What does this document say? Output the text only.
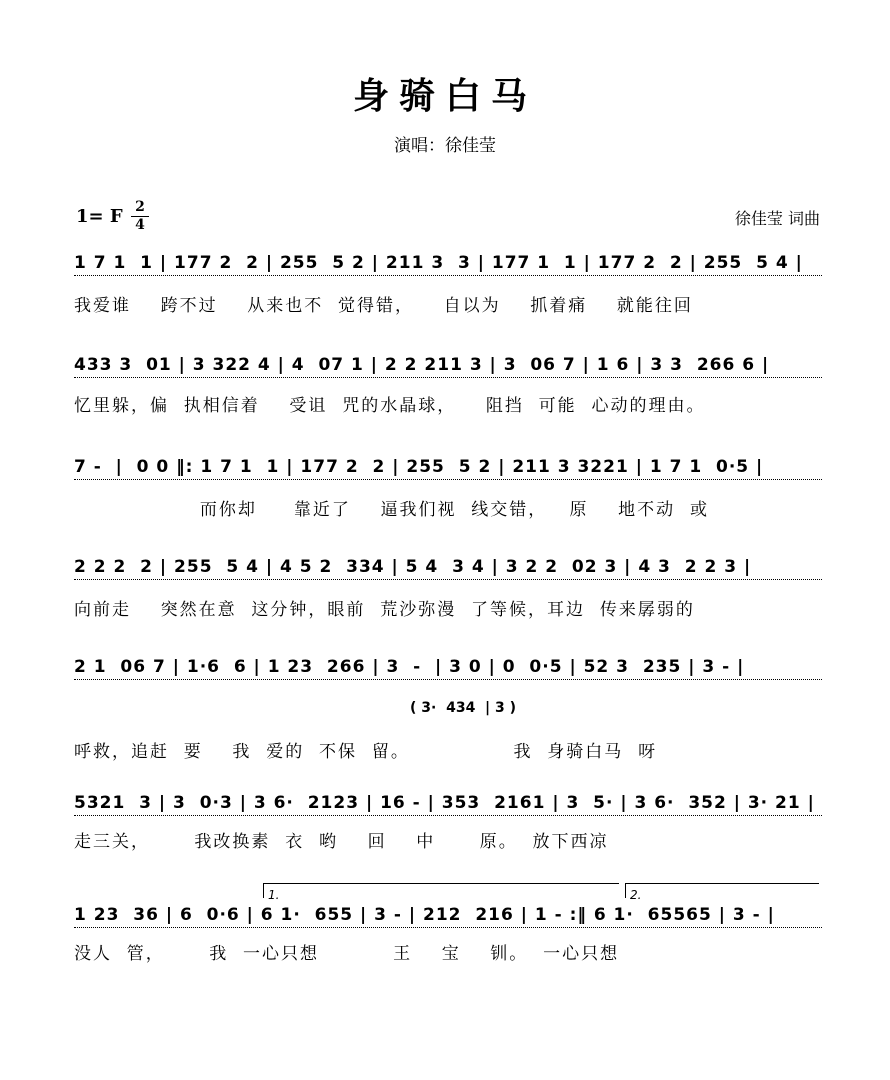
身骑白马
演唱：徐佳莹
徐佳莹 词曲
1= F 2
4
1 7 1  1 | 177 2  2 | 255  5 2 | 211 3  3 | 177 1  1 | 177 2  2 | 255  5 4 |
我爱谁    跨不过    从来也不  觉得错，    自以为    抓着痛    就能往回
433 3  01 | 3 322 4 | 4  07 1 | 2 2 211 3 | 3  06 7 | 1 6 | 3 3  266 6 |
忆里躲，偏  执相信着    受诅  咒的水晶球，    阻挡  可能  心动的理由。
7 -  |  0 0 ‖: 1 7 1  1 | 177 2  2 | 255  5 2 | 211 3 3221 | 1 7 1  0·5 |
而你却     靠近了    逼我们视  线交错，   原    地不动  或
2 2 2  2 | 255  5 4 | 4 5 2  334 | 5 4  3 4 | 3 2 2  02 3 | 4 3  2 2 3 |
向前走    突然在意  这分钟，眼前  荒沙弥漫  了等候，耳边  传来孱弱的
2 1  06 7 | 1·6  6 | 1 23  266 | 3  -  | 3 0 | 0  0·5 | 52 3  235 | 3 - |
呼救，追赶  要    我  爱的  不保  留。              我  身骑白马  呀
5321  3 | 3  0·3 | 3 6·  2123 | 16 - | 353  2161 | 3  5· | 3 6·  352 | 3· 21 |
走三关，      我改换素  衣  哟    回    中      原。  放下西凉
1 23  36 | 6  0·6 | 6 1·  655 | 3 - | 212  216 | 1 - :‖ 6 1·  65565 | 3 - |
没人  管，      我  一心只想          王    宝    钏。  一心只想
( 3·  434  | 3 )
1.	2.
